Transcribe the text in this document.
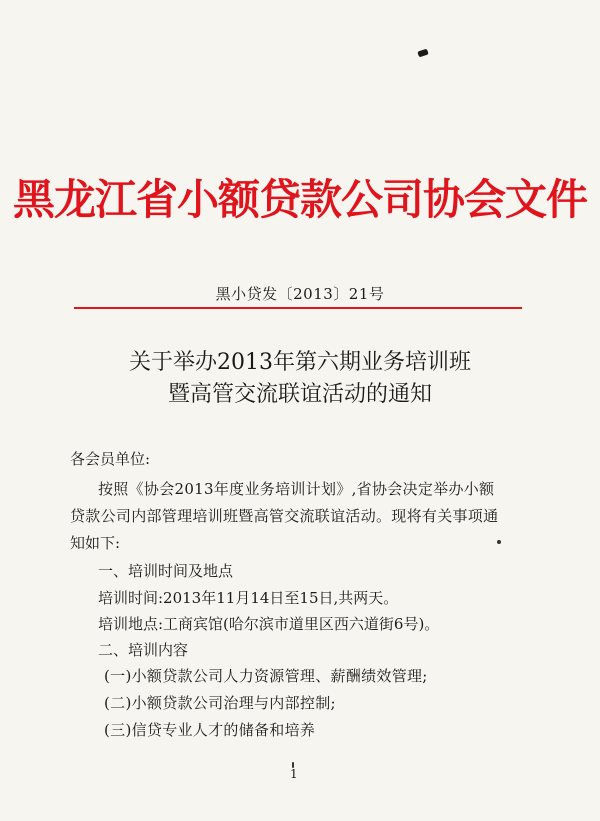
黑龙江省小额贷款公司协会文件
黑小贷发〔2013〕21号
关于举办2013年第六期业务培训班
暨高管交流联谊活动的通知
各会员单位:
按照《协会2013年度业务培训计划》,省协会决定举办小额
贷款公司内部管理培训班暨高管交流联谊活动。现将有关事项通
知如下:
一、培训时间及地点
培训时间:2013年11月14日至15日,共两天。
培训地点:工商宾馆(哈尔滨市道里区西六道街6号)。
二、培训内容
(一)小额贷款公司人力资源管理、薪酬绩效管理;
(二)小额贷款公司治理与内部控制;
(三)信贷专业人才的储备和培养
1
